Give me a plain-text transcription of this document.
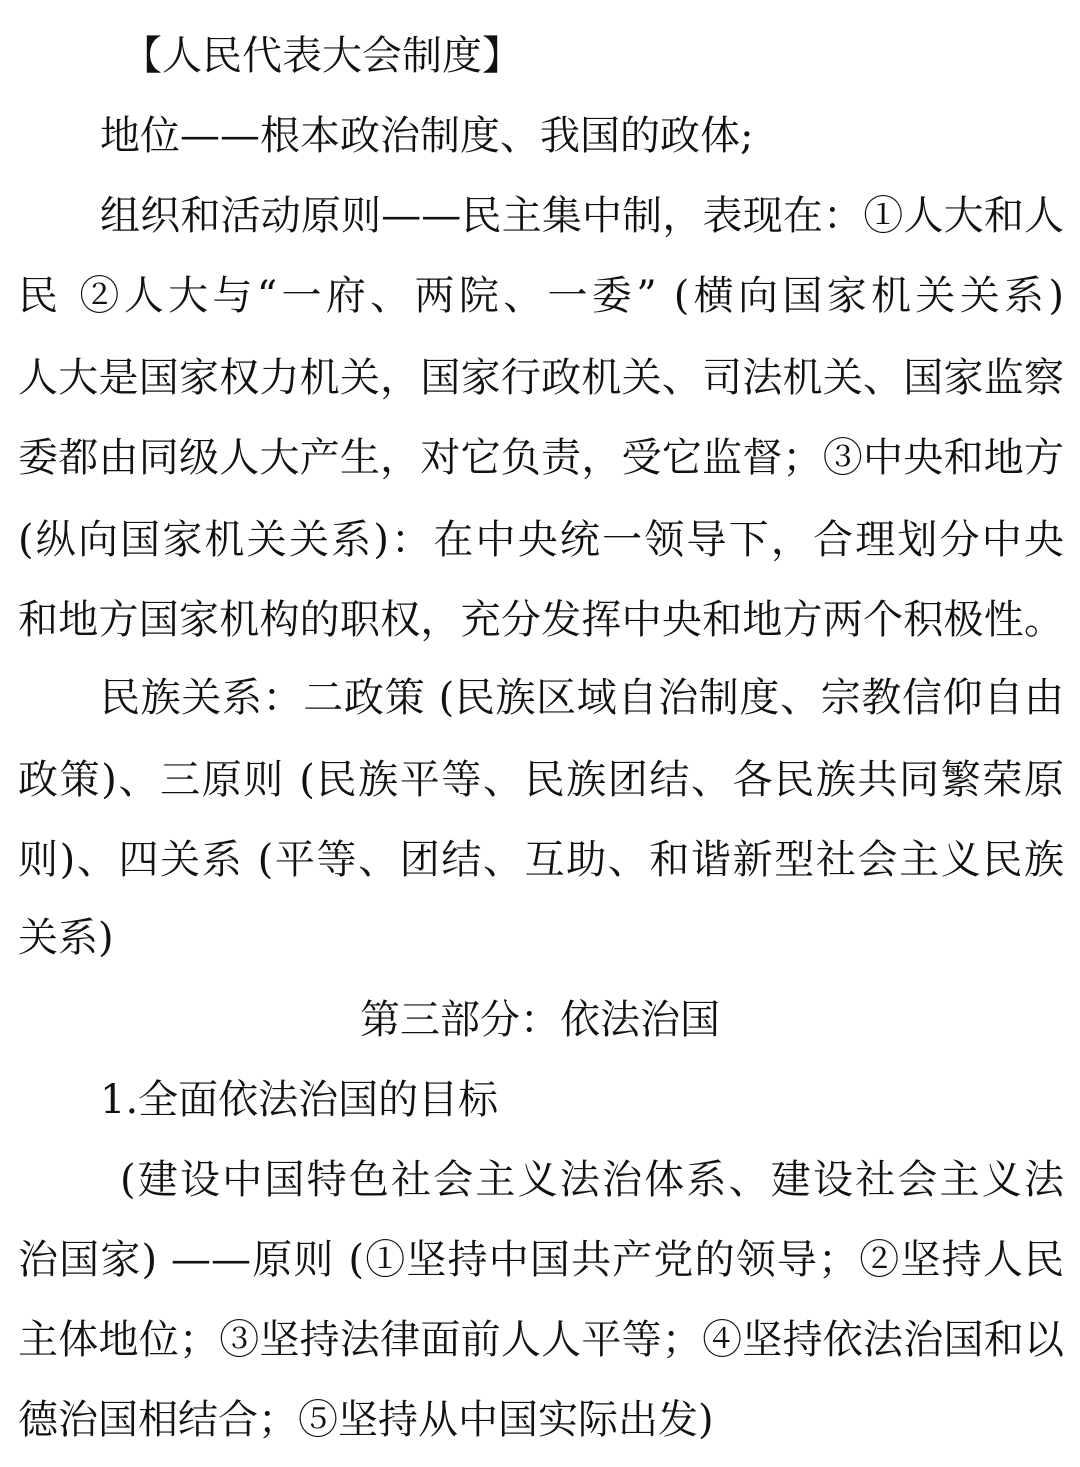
【人民代表大会制度】
地位——根本政治制度、我国的政体;
组织和活动原则——民主集中制，表现在：①人大和人
民 ②人大与“一府、两院、一委” (横向国家机关关系)
人大是国家权力机关，国家行政机关、司法机关、国家监察
委都由同级人大产生，对它负责，受它监督；③中央和地方
(纵向国家机关关系)：在中央统一领导下，合理划分中央
和地方国家机构的职权，充分发挥中央和地方两个积极性。
民族关系：二政策 (民族区域自治制度、宗教信仰自由
政策)、三原则 (民族平等、民族团结、各民族共同繁荣原
则)、四关系 (平等、团结、互助、和谐新型社会主义民族
关系)
第三部分：依法治国
1.全面依法治国的目标
(建设中国特色社会主义法治体系、建设社会主义法
治国家) ——原则 (①坚持中国共产党的领导；②坚持人民
主体地位；③坚持法律面前人人平等；④坚持依法治国和以
德治国相结合；⑤坚持从中国实际出发)
